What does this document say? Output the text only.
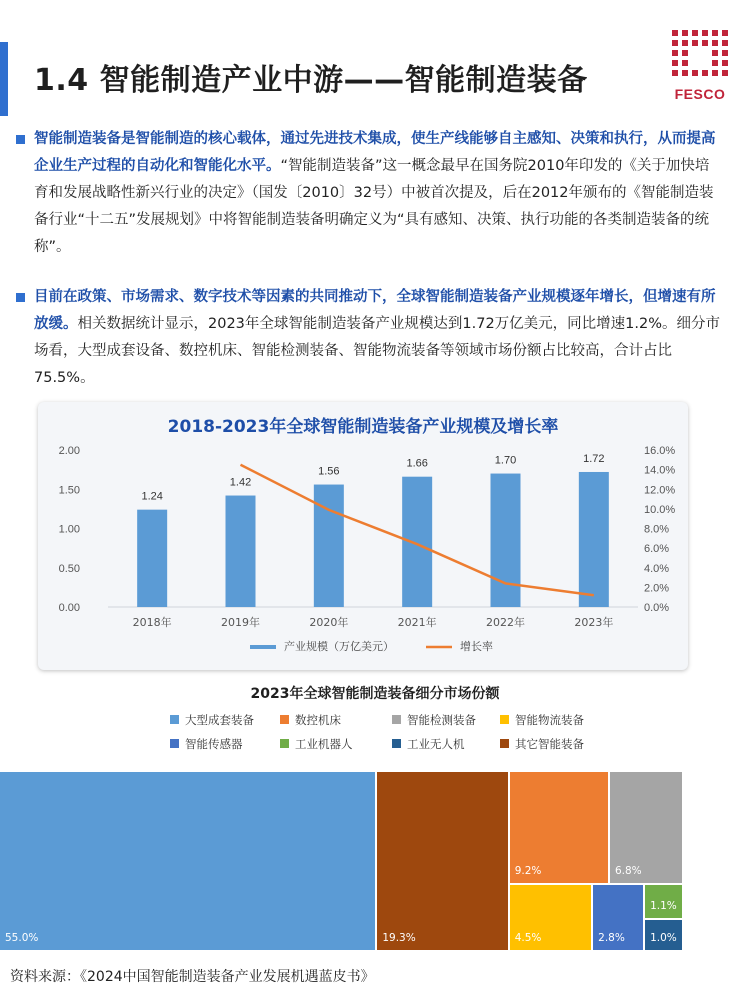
1.4 智能制造产业中游——智能制造装备	FESCO
智能制造装备是智能制造的核心载体，通过先进技术集成，使生产线能够自主感知、决策和执行，从而提高企业生产过程的自动化和智能化水平。“智能制造装备”这一概念最早在国务院2010年印发的《关于加快培育和发展战略性新兴行业的决定》（国发〔2010〕32号）中被首次提及，后在2012年颁布的《智能制造装备行业“十二五”发展规划》中将智能制造装备明确定义为“具有感知、决策、执行功能的各类制造装备的统称”。
目前在政策、市场需求、数字技术等因素的共同推动下，全球智能制造装备产业规模逐年增长，但增速有所放缓。相关数据统计显示，2023年全球智能制造装备产业规模达到1.72万亿美元，同比增速1.2%。细分市场看，大型成套设备、数控机床、智能检测装备、智能物流装备等领域市场份额占比较高，合计占比75.5%。
0.00
0.50
1.00
1.50
2.00
0.0%
2.0%
4.0%
6.0%
8.0%
10.0%
12.0%
14.0%
16.0%
1.24
2018年
1.42
2019年
1.56
2020年
1.66
2021年
1.70
2022年
1.72
2023年
产业规模（万亿美元）	增长率
2018-2023年全球智能制造装备产业规模及增长率
2023年全球智能制造装备细分市场份额
大型成套装备	数控机床	智能检测装备	智能物流装备
智能传感器	工业机器人	工业无人机	其它智能装备
55.0%	19.3%
9.2%	6.8%
4.5%	2.8%
1.1%
1.0%
资料来源：《2024中国智能制造装备产业发展机遇蓝皮书》
